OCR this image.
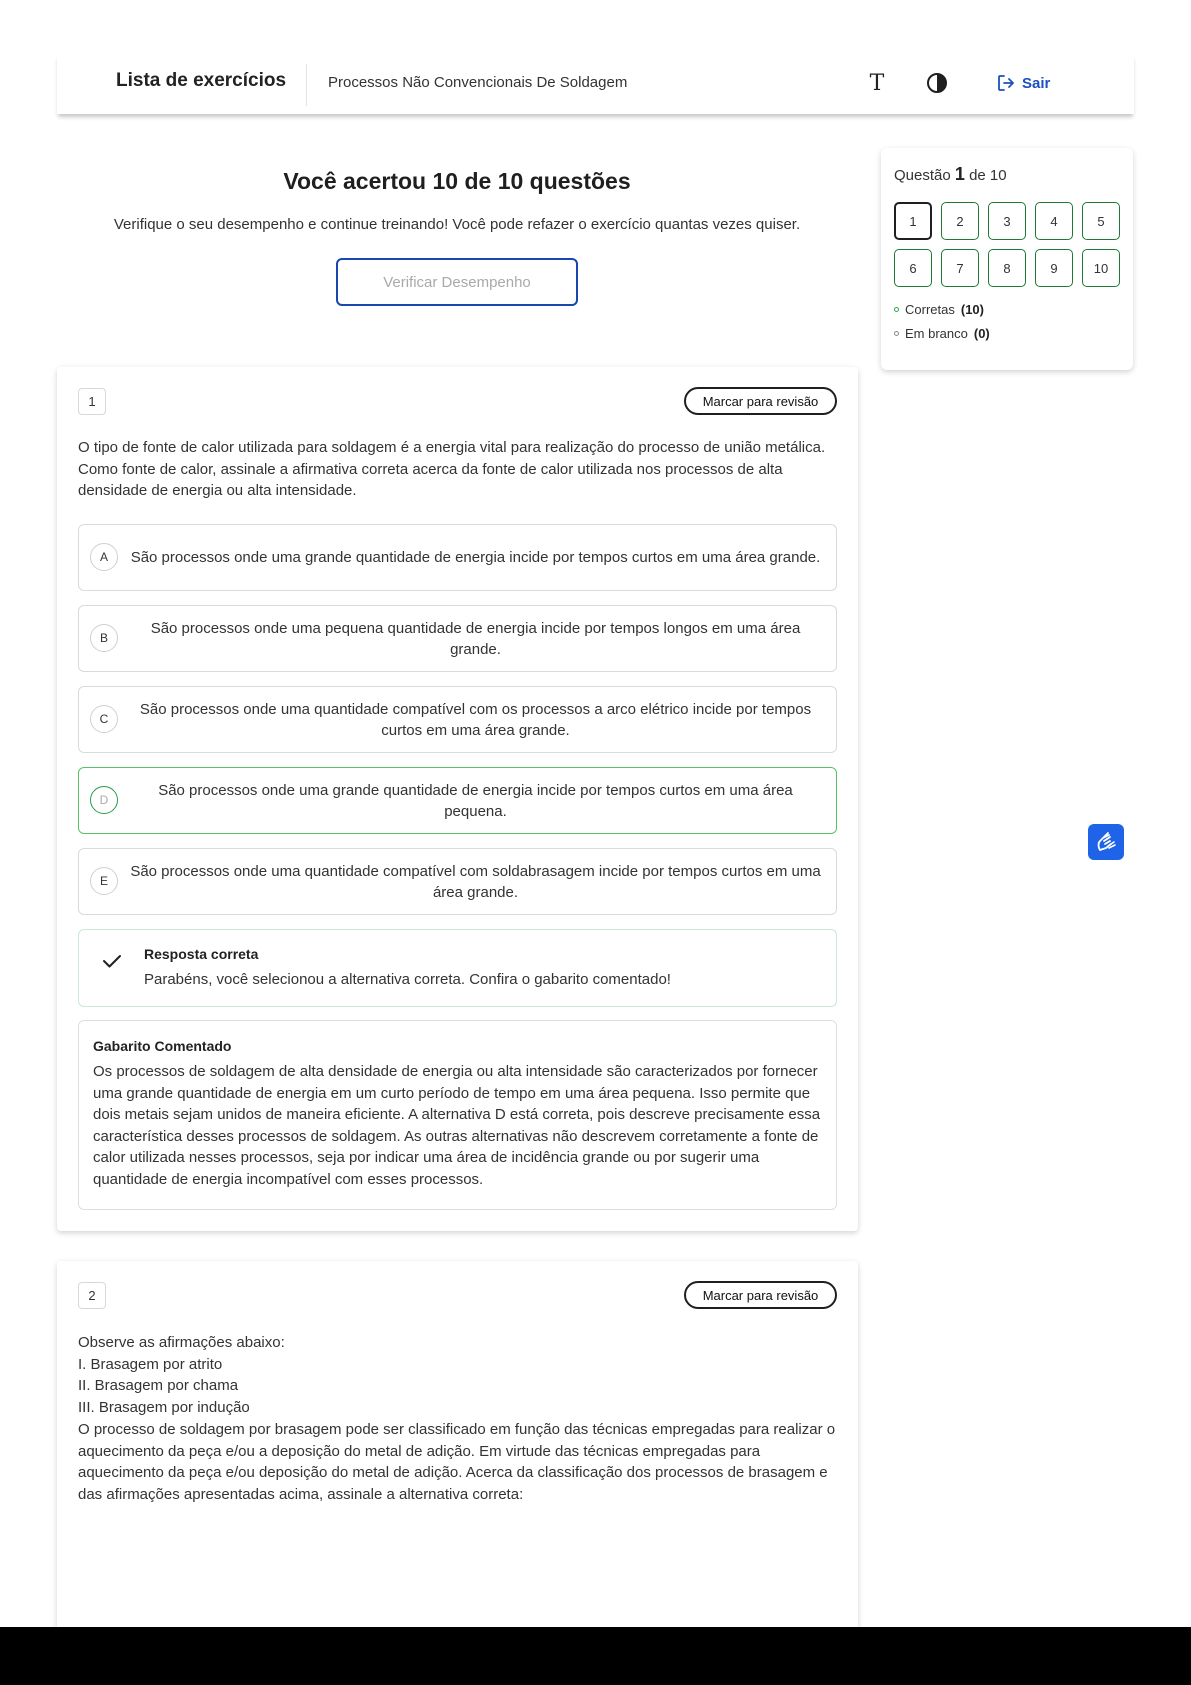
Lista de exercícios	Processos Não Convencionais De Soldagem	T	Sair
Você acertou 10 de 10 questões
Verifique o seu desempenho e continue treinando! Você pode refazer o exercício quantas vezes quiser.
Verificar Desempenho
Questão 1 de 10
1	2	3	4	5
6	7	8	9	10
Corretas (10)
Em branco (0)
1	Marcar para revisão

O tipo de fonte de calor utilizada para soldagem é a energia vital para realização do processo de união metálica. Como fonte de calor, assinale a afirmativa correta acerca da fonte de calor utilizada nos processos de alta densidade de energia ou alta intensidade.

A	São processos onde uma grande quantidade de energia incide por tempos curtos em uma área grande.
B
São processos onde uma pequena quantidade de energia incide por tempos longos em uma área grande.
C
São processos onde uma quantidade compatível com os processos a arco elétrico incide por tempos curtos em uma área grande.
D
São processos onde uma grande quantidade de energia incide por tempos curtos em uma área pequena.
E
São processos onde uma quantidade compatível com soldabrasagem incide por tempos curtos em uma área grande.
Resposta correta
Parabéns, você selecionou a alternativa correta. Confira o gabarito comentado!
Gabarito Comentado

Os processos de soldagem de alta densidade de energia ou alta intensidade são caracterizados por fornecer uma grande quantidade de energia em um curto período de tempo em uma área pequena. Isso permite que dois metais sejam unidos de maneira eficiente. A alternativa D está correta, pois descreve precisamente essa característica desses processos de soldagem. As outras alternativas não descrevem corretamente a fonte de calor utilizada nesses processos, seja por indicar uma área de incidência grande ou por sugerir uma quantidade de energia incompatível com esses processos.

2	Marcar para revisão

Observe as afirmações abaixo:

I. Brasagem por atrito

II. Brasagem por chama

III. Brasagem por indução

O processo de soldagem por brasagem pode ser classificado em função das técnicas empregadas para realizar o aquecimento da peça e/ou a deposição do metal de adição. Em virtude das técnicas empregadas para aquecimento da peça e/ou deposição do metal de adição. Acerca da classificação dos processos de brasagem e das afirmações apresentadas acima, assinale a alternativa correta:
